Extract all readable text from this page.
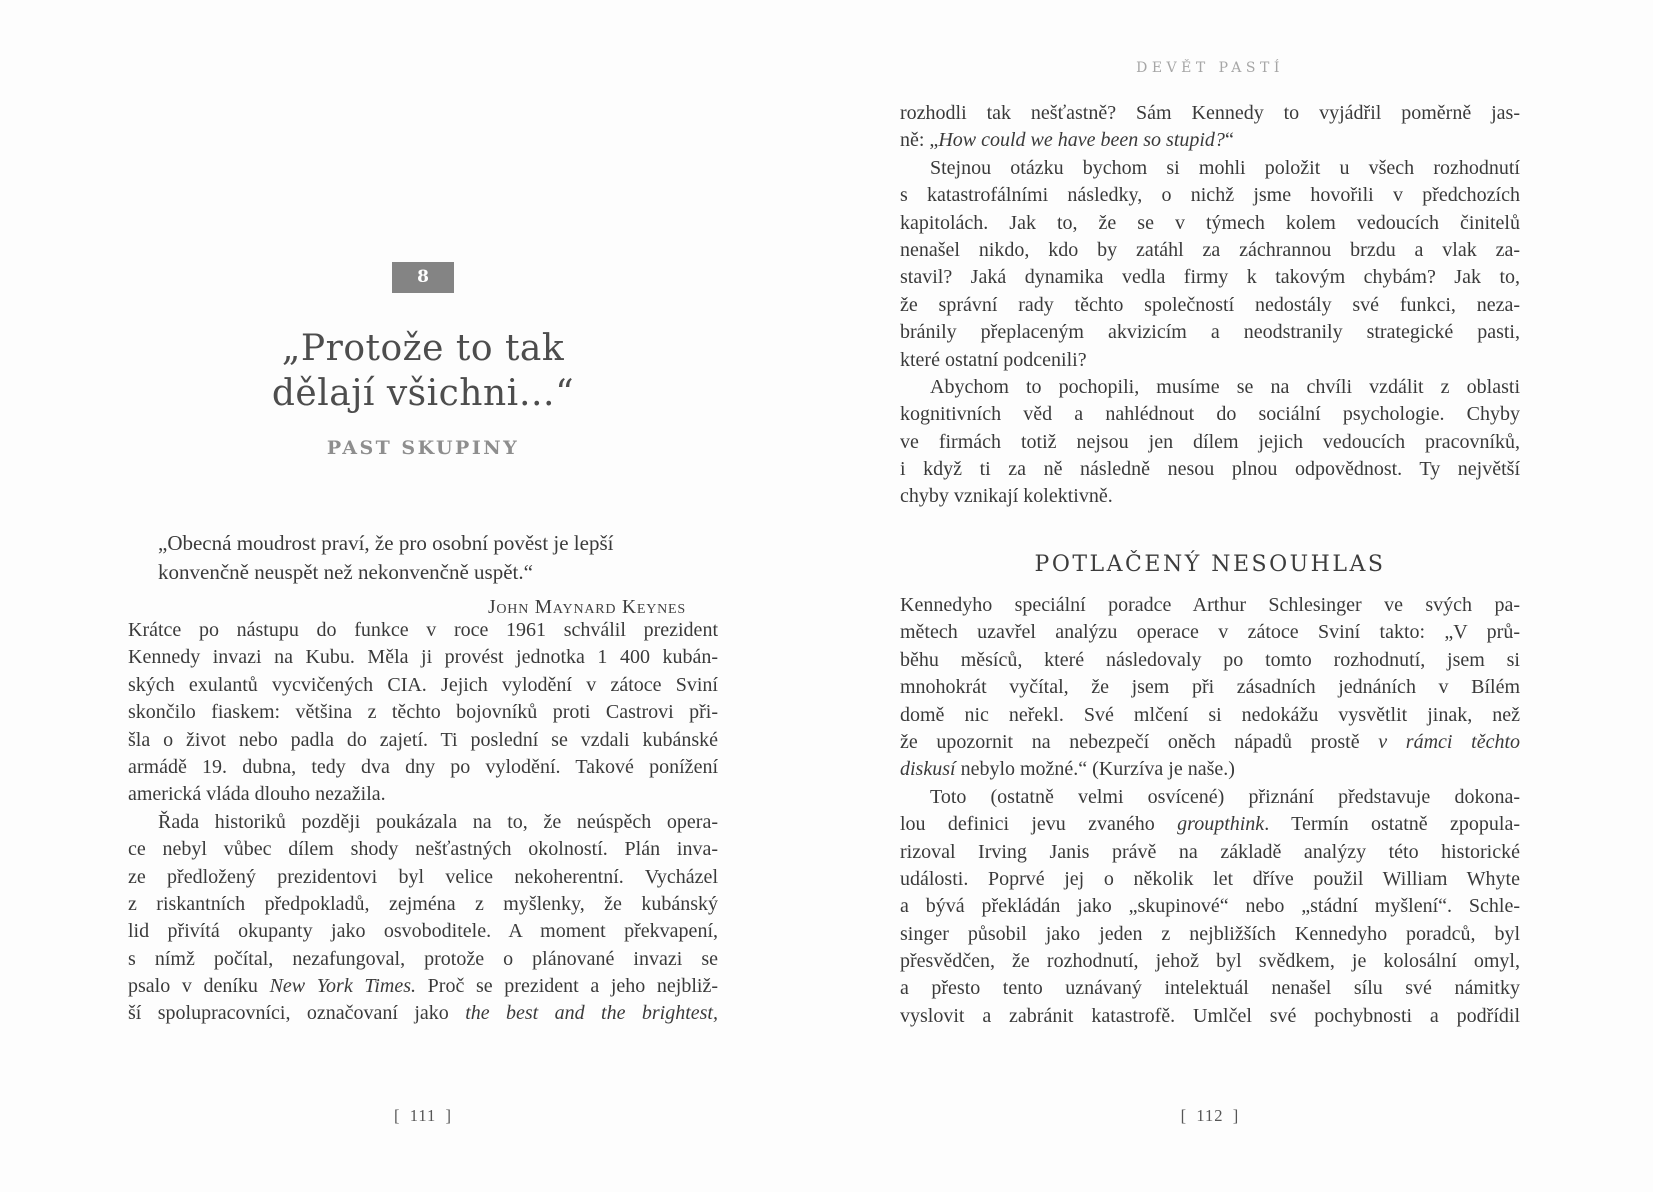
8
„Protože to tak
dělají všichni…“
PAST SKUPINY
„Obecná moudrost praví, že pro osobní pověst je lepší
konvenčně neuspět než nekonvenčně uspět.“
John Maynard Keynes
Krátce po nástupu do funkce v roce 1961 schválil prezident
Kennedy invazi na Kubu. Měla ji provést jednotka 1 400 kubán-
ských exulantů vycvičených CIA. Jejich vylodění v zátoce Sviní
skončilo fiaskem: většina z těchto bojovníků proti Castrovi při-
šla o život nebo padla do zajetí. Ti poslední se vzdali kubánské
armádě 19. dubna, tedy dva dny po vylodění. Takové ponížení
americká vláda dlouho nezažila.
Řada historiků později poukázala na to, že neúspěch opera-
ce nebyl vůbec dílem shody nešťastných okolností. Plán inva-
ze předložený prezidentovi byl velice nekoherentní. Vycházel
z riskantních předpokladů, zejména z myšlenky, že kubánský
lid přivítá okupanty jako osvoboditele. A moment překvapení,
s nímž počítal, nezafungoval, protože o plánované invazi se
psalo v deníku New York Times. Proč se prezident a jeho nejbliž-
ší spolupracovníci, označovaní jako the best and the brightest,
[ 111 ]
DEVĚT PASTÍ
rozhodli tak nešťastně? Sám Kennedy to vyjádřil poměrně jas-
ně: „How could we have been so stupid?“
Stejnou otázku bychom si mohli položit u všech rozhodnutí
s katastrofálními následky, o nichž jsme hovořili v předchozích
kapitolách. Jak to, že se v týmech kolem vedoucích činitelů
nenašel nikdo, kdo by zatáhl za záchrannou brzdu a vlak za-
stavil? Jaká dynamika vedla firmy k takovým chybám? Jak to,
že správní rady těchto společností nedostály své funkci, neza-
bránily přeplaceným akvizicím a neodstranily strategické pasti,
které ostatní podcenili?
Abychom to pochopili, musíme se na chvíli vzdálit z oblasti
kognitivních věd a nahlédnout do sociální psychologie. Chyby
ve firmách totiž nejsou jen dílem jejich vedoucích pracovníků,
i když ti za ně následně nesou plnou odpovědnost. Ty největší
chyby vznikají kolektivně.
POTLAČENÝ NESOUHLAS
Kennedyho speciální poradce Arthur Schlesinger ve svých pa-
mětech uzavřel analýzu operace v zátoce Sviní takto: „V prů-
běhu měsíců, které následovaly po tomto rozhodnutí, jsem si
mnohokrát vyčítal, že jsem při zásadních jednáních v Bílém
domě nic neřekl. Své mlčení si nedokážu vysvětlit jinak, než
že upozornit na nebezpečí oněch nápadů prostě v rámci těchto
diskusí nebylo možné.“ (Kurzíva je naše.)
Toto (ostatně velmi osvícené) přiznání představuje dokona-
lou definici jevu zvaného groupthink. Termín ostatně zpopula-
rizoval Irving Janis právě na základě analýzy této historické
události. Poprvé jej o několik let dříve použil William Whyte
a bývá překládán jako „skupinové“ nebo „stádní myšlení“. Schle-
singer působil jako jeden z nejbližších Kennedyho poradců, byl
přesvědčen, že rozhodnutí, jehož byl svědkem, je kolosální omyl,
a přesto tento uznávaný intelektuál nenašel sílu své námitky
vyslovit a zabránit katastrofě. Umlčel své pochybnosti a podřídil
[ 112 ]
